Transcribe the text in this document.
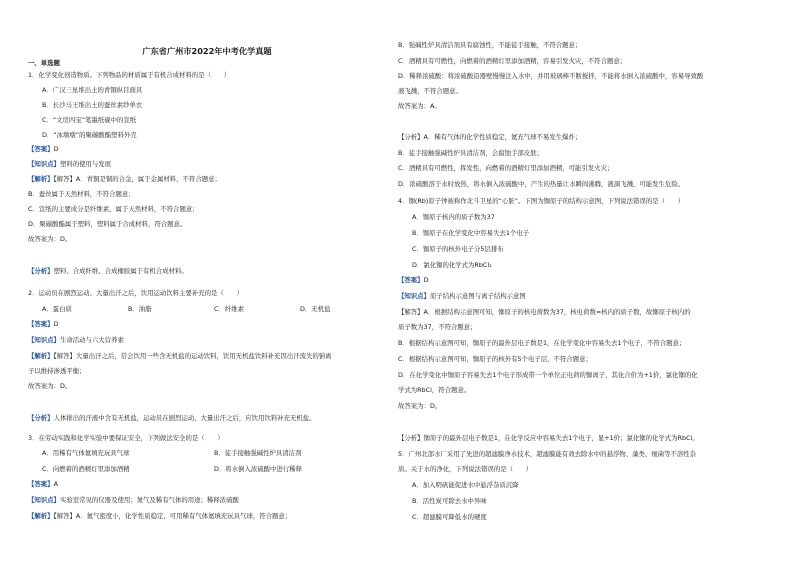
广东省广州市2022年中考化学真题
一、单选题
1．化学变化创造物质。下列物品的材质属于有机合成材料的是（　　）
A．广汉三星堆出土的青铜纵目面具
B．长沙马王堆出土的蚕丝素纱单衣
C．“文房四宝”笔墨纸砚中的宣纸
D．“冰墩墩”的聚碳酸酯塑料外壳
【答案】D
【知识点】塑料的使用与发展
【解析】【解答】A．青铜是铜的合金，属于金属材料，不符合题意；
B．蚕丝属于天然材料，不符合题意；
C．宣纸的主要成分是纤维素，属于天然材料，不符合题意；
D．聚碳酸酯属于塑料，塑料属于合成材料，符合题意。
故答案为：D。
【分析】塑料、合成纤维、合成橡胶属于有机合成材料。
2．运动员在剧烈运动、大量出汗之后，饮用运动饮料主要补充的是（　　）
A．蛋白质	B．油脂	C．纤维素	D．无机盐
【答案】D
【知识点】生命活动与六大营养素
【解析】【解答】大量出汗之后，常会饮用一些含无机盐的运动饮料，饮用无机盐饮料补充因出汗流失的钠离
子以维持渗透平衡；
故答案为：D。
【分析】人体排出的汗液中含有无机盐，运动员在剧烈运动、大量出汗之后，应饮用饮料补充无机盐。
3．在劳动实践和化学实验中要保证安全，下列做法安全的是（　　）
A．用稀有气体氦填充玩具气球	B．徒手接触强碱性炉具清洁剂
C．向燃着的酒精灯里添加酒精	D．将水倒入浓硫酸中进行稀释
【答案】A
【知识点】实验室常见的仪器及使用；氮气及稀有气体的用途；稀释浓硫酸
【解析】【解答】A．氦气密度小，化学性质稳定，可用稀有气体氦填充玩具气球，符合题意；
B．强碱性炉具清洁剂具有腐蚀性，不能徒手接触，不符合题意；
C．酒精具有可燃性，向燃着的酒精灯里添加酒精，容易引发火灾，不符合题意；
D．稀释浓硫酸：将浓硫酸沿器壁慢慢注入水中，并用玻璃棒不断搅拌，不能将水倒入浓硫酸中，容易导致酸
液飞溅，不符合题意。
故答案为：A。
【分析】A．稀有气体的化学性质稳定，氦充气球不易发生爆炸；
B．徒手接触强碱性炉具清洁剂，会腐蚀手部皮肤；
C．酒精具有可燃性，挥发性，向燃着的酒精灯里添加酒精，可能引发火灾；
D．浓硫酸溶于水时放热，将水倒入浓硫酸中，产生的热量让水瞬间沸腾，液滴飞溅，可能发生危险。
4．铷(Rb)原子钟被称作北斗卫星的“心脏”。下图为铷原子的结构示意图，下列说法错误的是（　　）
A．铷原子核内的质子数为37
B．铷原子在化学变化中容易失去1个电子
C．铷原子的核外电子分5层排布
D．氯化铷的化学式为RbCl₂
【答案】D
【知识点】原子结构示意图与离子结构示意图
【解答】A．根据结构示意图可知，铷原子的核电荷数为37，核电荷数=核内的质子数，故铷原子核内的
质子数为37，不符合题意；
B．根据结构示意图可知，铷原子的最外层电子数是1，在化学变化中容易失去1个电子，不符合题意；
C．根据结构示意图可知，铷原子的核外有5个电子层，不符合题意；
D．在化学变化中铷原子容易失去1个电子形成带一个单位正电荷的铷离子，其化合价为+1价，氯化铷的化
学式为RbCl，符合题意。
故答案为：D。
【分析】铷原子的最外层电子数是1，在化学反应中容易失去1个电子，显+1价；氯化铷的化学式为RbCl。
5．广州北部水厂采用了先进的超滤膜净水技术，超滤膜能有效去除水中的悬浮物、藻类、细菌等不溶性杂
质。关于水的净化，下列说法错误的是（　　）
A．加入明矾能促进水中悬浮杂质沉降
B．活性炭可除去水中异味
C．超滤膜可降低水的硬度
